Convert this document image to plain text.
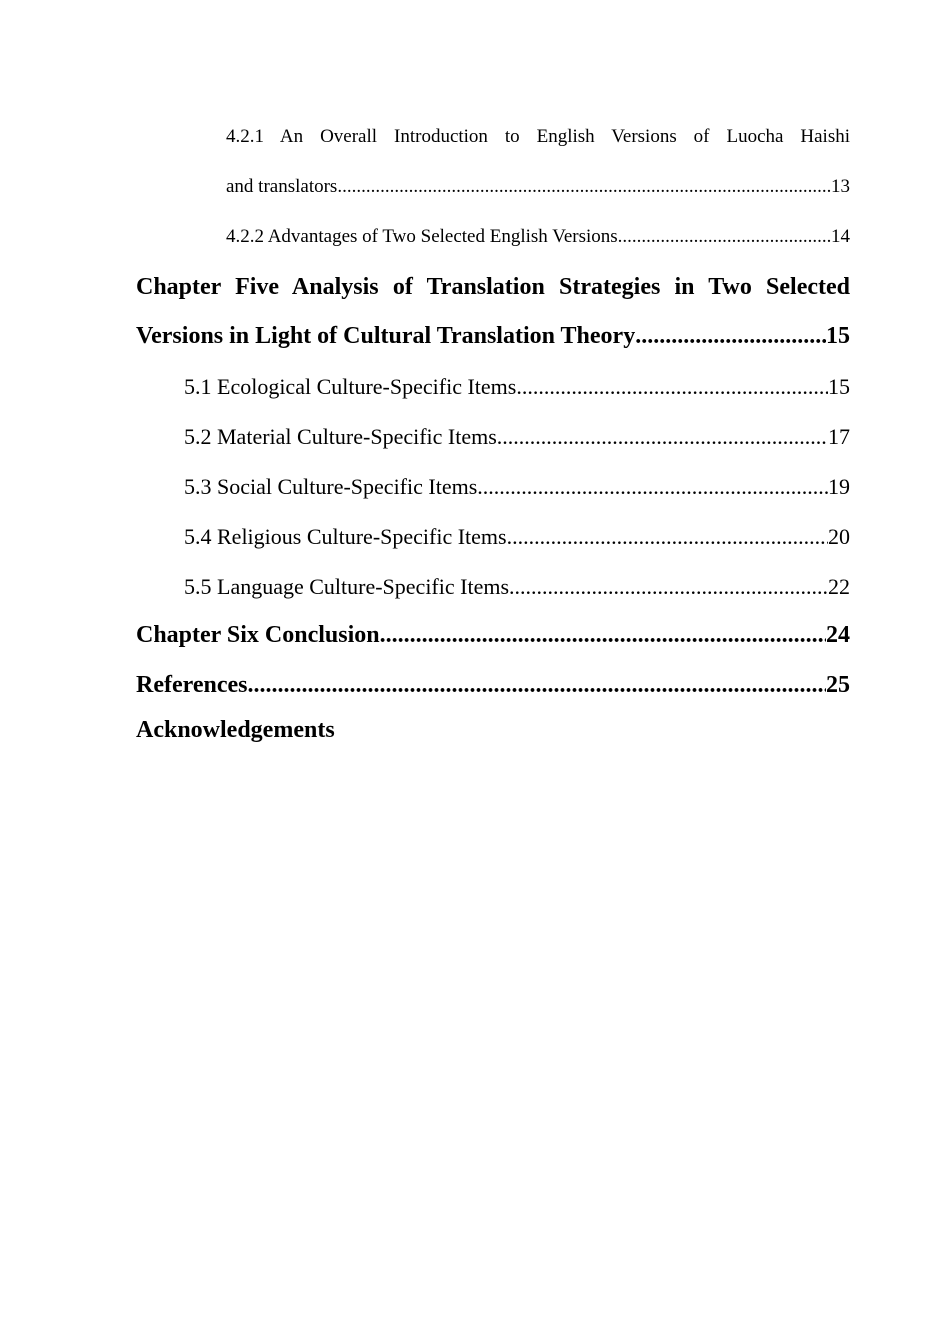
4.2.1 An Overall Introduction to English Versions of Luocha Haishi
and translators .....	13
4.2.2 Advantages of Two Selected English Versions .....	14
Chapter Five Analysis of Translation Strategies in Two Selected
Versions in Light of Cultural Translation Theory .....	15
5.1 Ecological Culture-Specific Items .....	15
5.2 Material Culture-Specific Items .....	17
5.3 Social Culture-Specific Items .....	19
5.4 Religious Culture-Specific Items .....	20
5.5 Language Culture-Specific Items .....	22
Chapter Six Conclusion .....	24
References .....	25
Acknowledgements
